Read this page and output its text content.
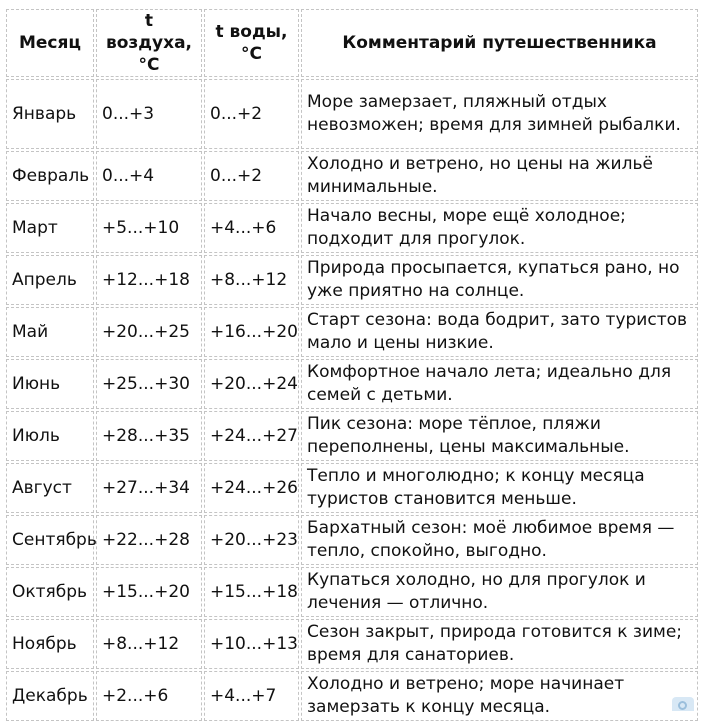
Месяц	t воздуха, °C	t воды, °C	Комментарий путешественника
Январь	0...+3	0...+2	Море замерзает, пляжный отдых невозможен; время для зимней рыбалки.
Февраль	0...+4	0...+2	Холодно и ветрено, но цены на жильё минимальные.
Март	+5...+10	+4...+6	Начало весны, море ещё холодное; подходит для прогулок.
Апрель	+12...+18	+8...+12	Природа просыпается, купаться рано, но уже приятно на солнце.
Май	+20...+25	+16...+20	Старт сезона: вода бодрит, зато туристов мало и цены низкие.
Июнь	+25...+30	+20...+24	Комфортное начало лета; идеально для семей с детьми.
Июль	+28...+35	+24...+27	Пик сезона: море тёплое, пляжи переполнены, цены максимальные.
Август	+27...+34	+24...+26	Тепло и многолюдно; к концу месяца туристов становится меньше.
Сентябрь	+22...+28	+20...+23	Бархатный сезон: моё любимое время — тепло, спокойно, выгодно.
Октябрь	+15...+20	+15...+18	Купаться холодно, но для прогулок и лечения — отлично.
Ноябрь	+8...+12	+10...+13	Сезон закрыт, природа готовится к зиме; время для санаториев.
Декабрь	+2...+6	+4...+7	Холодно и ветрено; море начинает замерзать к концу месяца.
